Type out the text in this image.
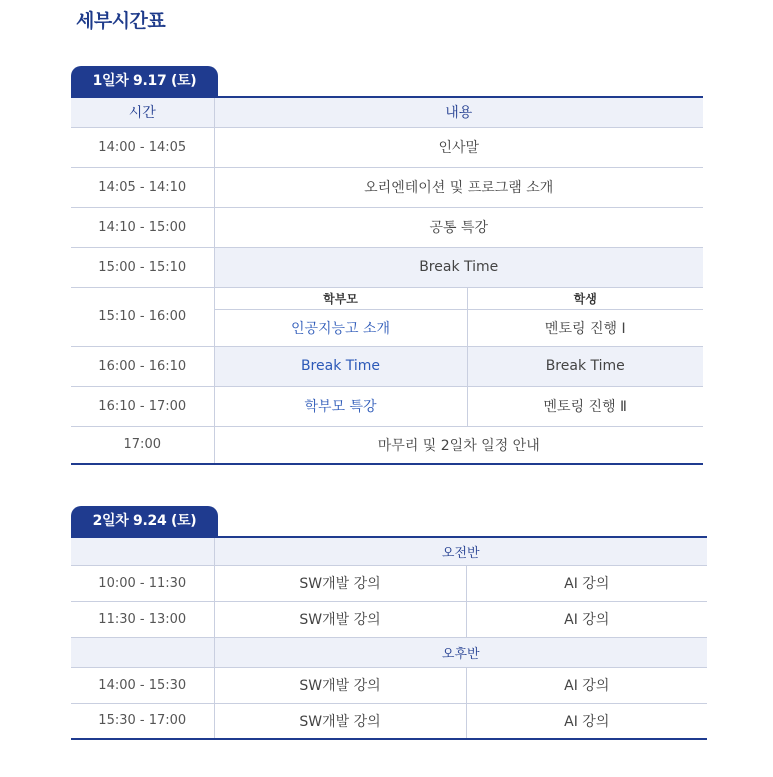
세부시간표
1일차 9.17 (토)
시간	내용	
14:00 - 14:05	인사말	
14:05 - 14:10	오리엔테이션 및 프로그램 소개	
14:10 - 15:00	공통 특강	
15:00 - 15:10	Break Time	
15:10 - 16:00	학부모	학생
	인공지능고 소개	멘토링 진행 Ⅰ
16:00 - 16:10	Break Time	Break Time
16:10 - 17:00	학부모 특강	멘토링 진행 Ⅱ
17:00	마무리 및 2일차 일정 안내	
2일차 9.24 (토)
	오전반	
10:00 - 11:30	SW개발 강의	AI 강의
11:30 - 13:00	SW개발 강의	AI 강의
	오후반	
14:00 - 15:30	SW개발 강의	AI 강의
15:30 - 17:00	SW개발 강의	AI 강의
